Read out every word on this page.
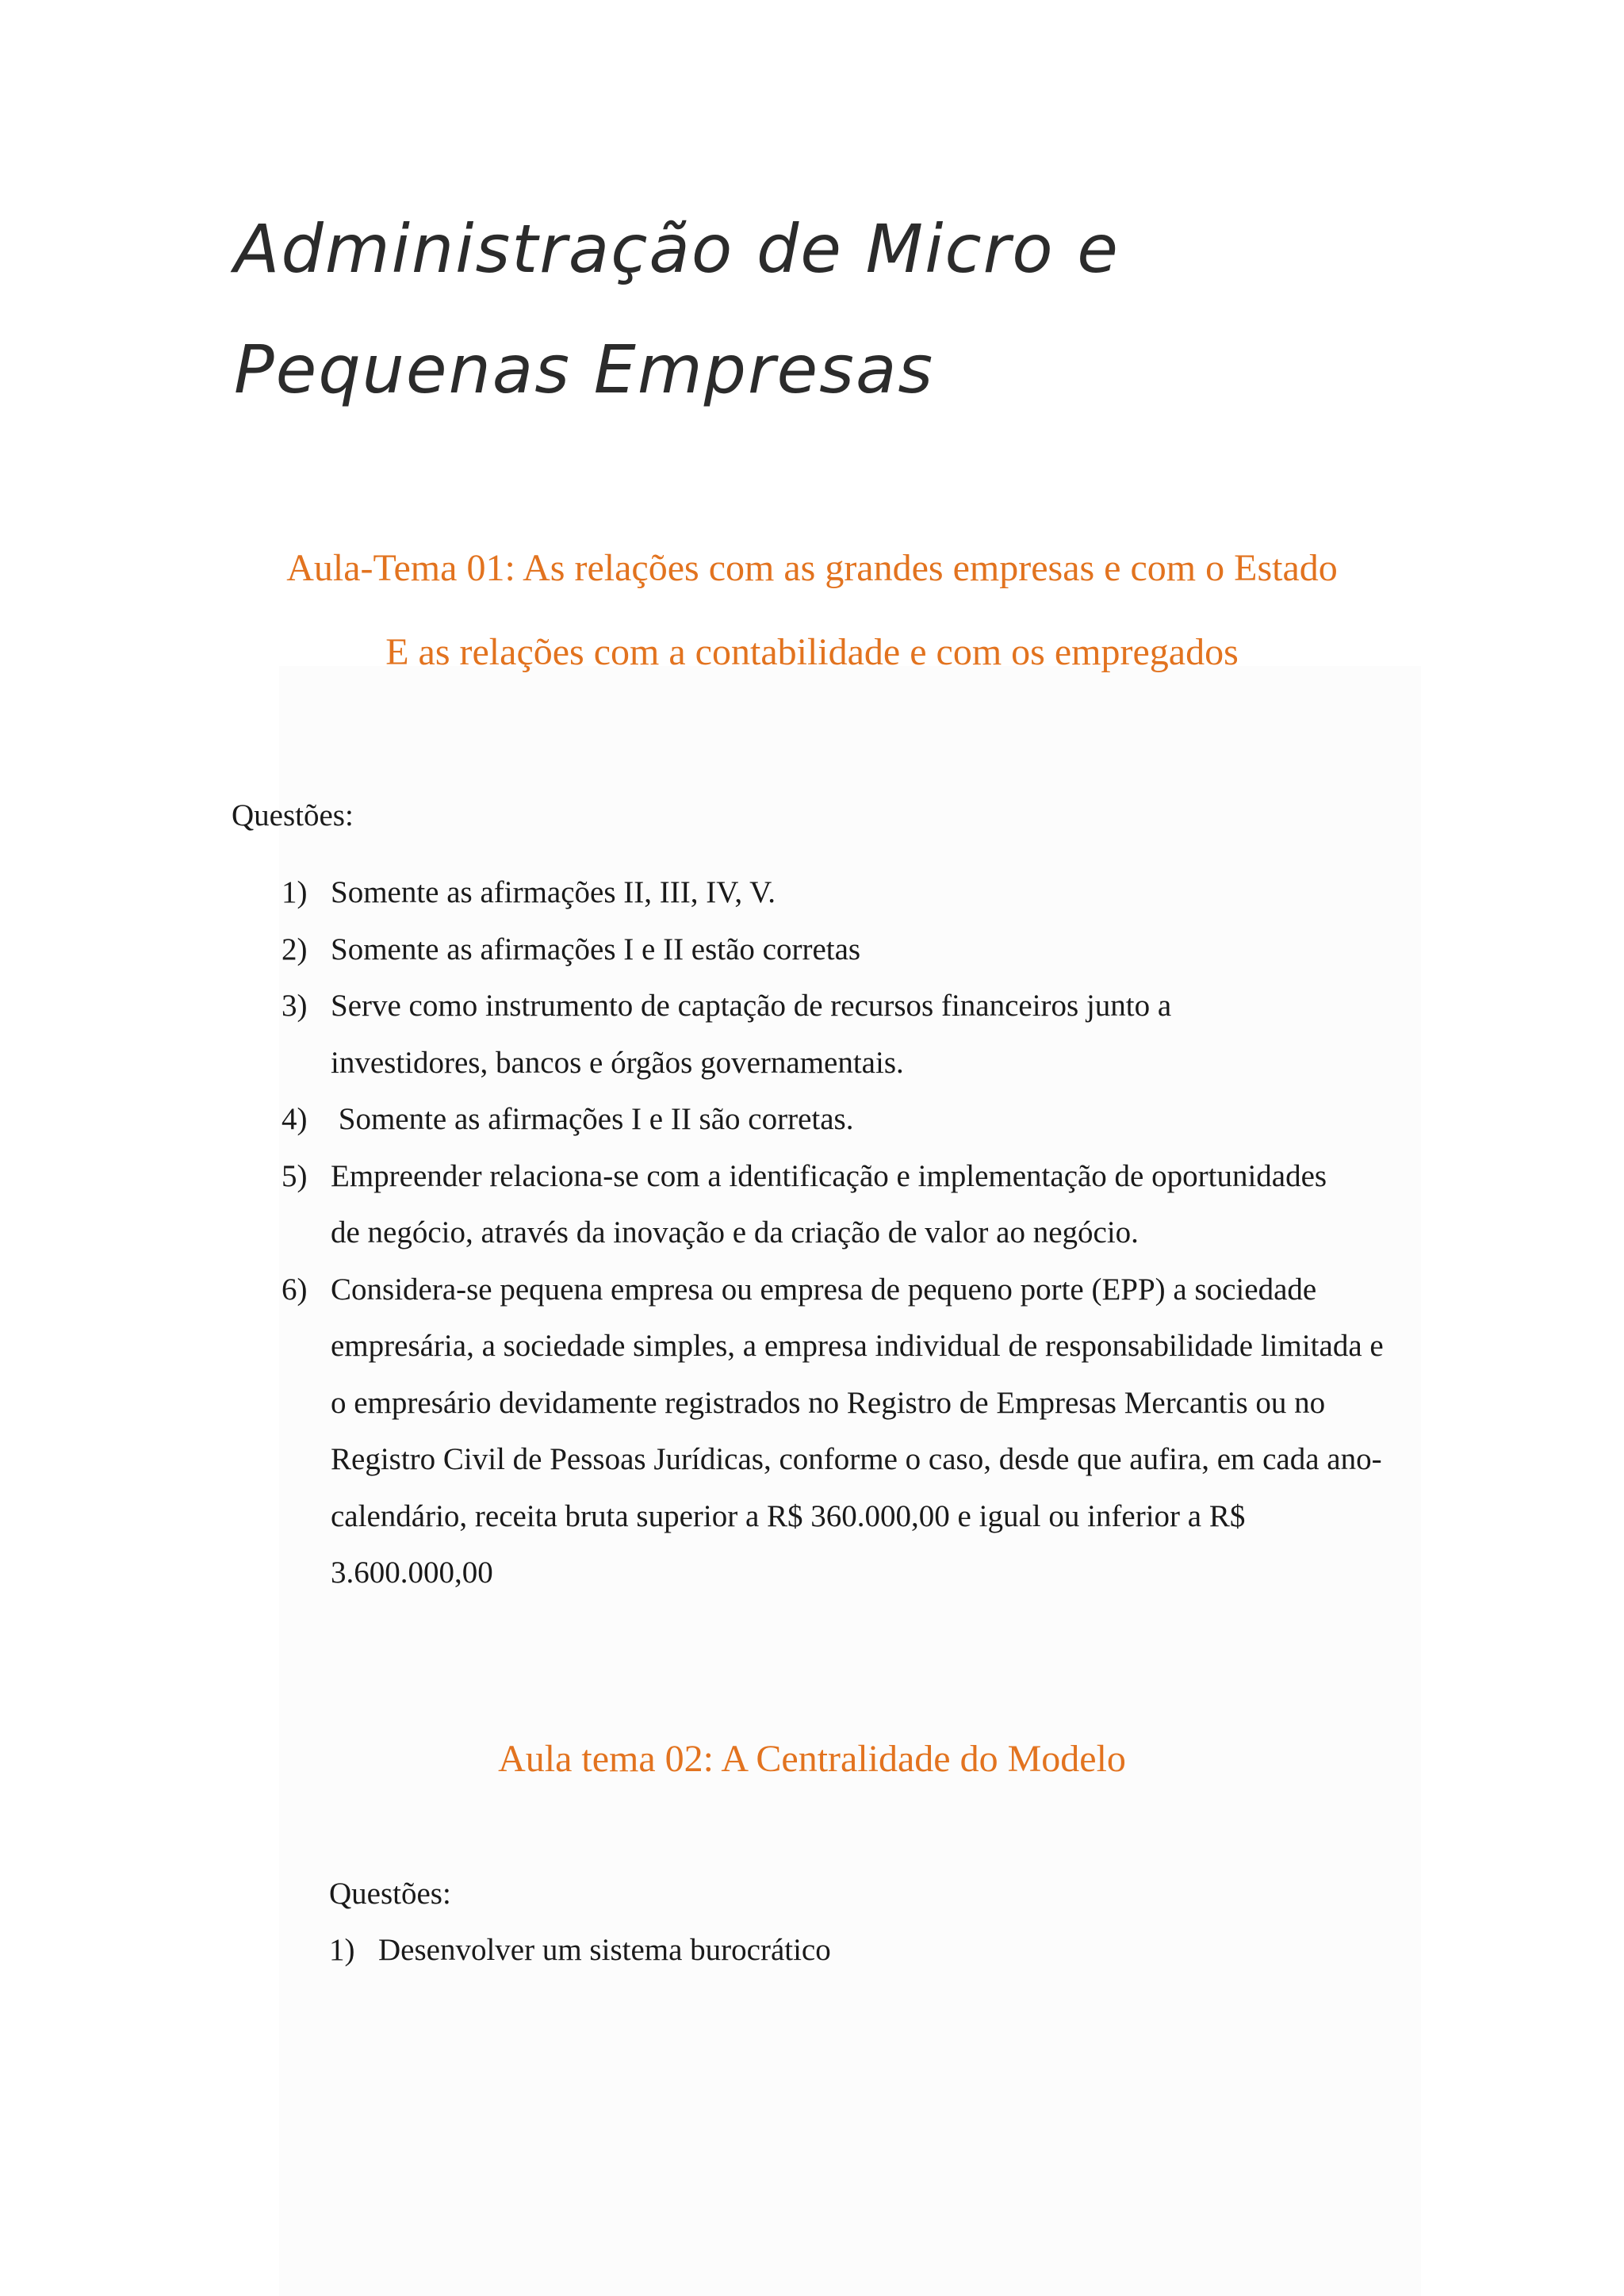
Administração de Micro e
Pequenas Empresas
Aula-Tema 01: As relações com as grandes empresas e com o Estado
E as relações com a contabilidade e com os empregados

Questões:

1) Somente as afirmações II, III, IV, V.
2) Somente as afirmações I e II estão corretas
3) Serve como instrumento de captação de recursos financeiros junto a investidores, bancos e órgãos governamentais.
4) Somente as afirmações I e II são corretas.
5) Empreender relaciona-se com a identificação e implementação de oportunidades de negócio, através da inovação e da criação de valor ao negócio.
6) Considera-se pequena empresa ou empresa de pequeno porte (EPP) a sociedade empresária, a sociedade simples, a empresa individual de responsabilidade limitada e o empresário devidamente registrados no Registro de Empresas Mercantis ou no Registro Civil de Pessoas Jurídicas, conforme o caso, desde que aufira, em cada ano-calendário, receita bruta superior a R$ 360.000,00 e igual ou inferior a R$ 3.600.000,00
Aula tema 02: A Centralidade do Modelo

Questões:

1) Desenvolver um sistema burocrático
